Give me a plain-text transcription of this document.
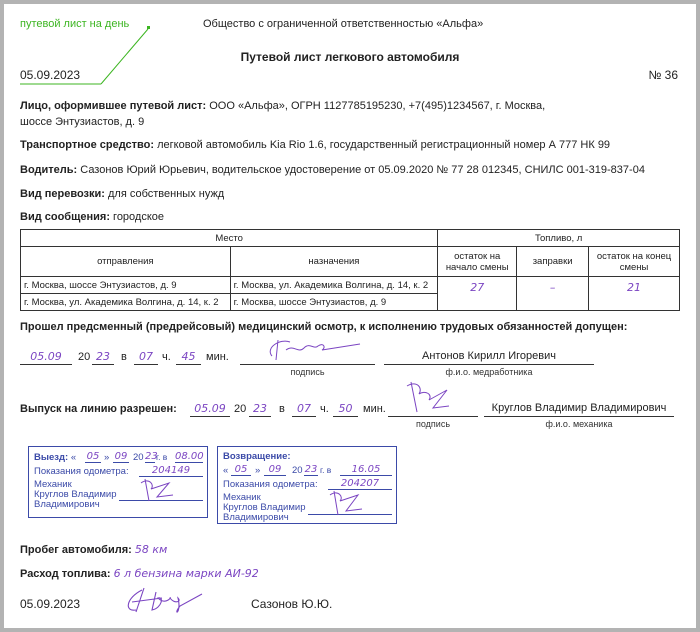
путевой лист на день	Общество с ограниченной ответственностью «Альфа»
Путевой лист легкового автомобиля
05.09.2023	№ 36
Лицо, оформившее путевой лист: ООО «Альфа», ОГРН 1127785195230, +7(495)1234567, г. Москва,
шоссе Энтузиастов, д. 9
Транспортное средство: легковой автомобиль Kia Rio 1.6, государственный регистрационный номер А 777 НК 99
Водитель: Сазонов Юрий Юрьевич, водительское удостоверение от 05.09.2020 № 77 28 012345, СНИЛС 001-319-837-04
Вид перевозки: для собственных нужд
Вид сообщения: городское
Место		Топливо, л		
отправления	назначения	остаток на начало смены	заправки	остаток на конец смены
г. Москва, шоссе Энтузиастов, д. 9	г. Москва, ул. Академика Волгина, д. 14, к. 2	27	–	21
г. Москва, ул. Академика Волгина, д. 14, к. 2	г. Москва, шоссе Энтузиастов, д. 9			
Прошел предсменный (предрейсовый) медицинский осмотр, к исполнению трудовых обязанностей допущен:
05.09	20 23	в	07 ч. 45 мин.
подпись
Антонов Кирилл Игоревич
ф.и.о. медработника
Выпуск на линию разрешен:	05.09 20 23	в	07 ч. 50 мин.
подпись
Круглов Владимир Владимирович
ф.и.о. механика
Выезд: « 05 » 09 20 23
г. в 08.00
Показания одометра:	204149
Механик
Круглов Владимир
Владимирович
Возвращение:
« 05 » 09	20 23 г. в	16.05
Показания одометра:	204207
Механик
Круглов Владимир
Владимирович
Пробег автомобиля: 58 км
Расход топлива: 6 л бензина марки АИ-92
05.09.2023	Сазонов Ю.Ю.
